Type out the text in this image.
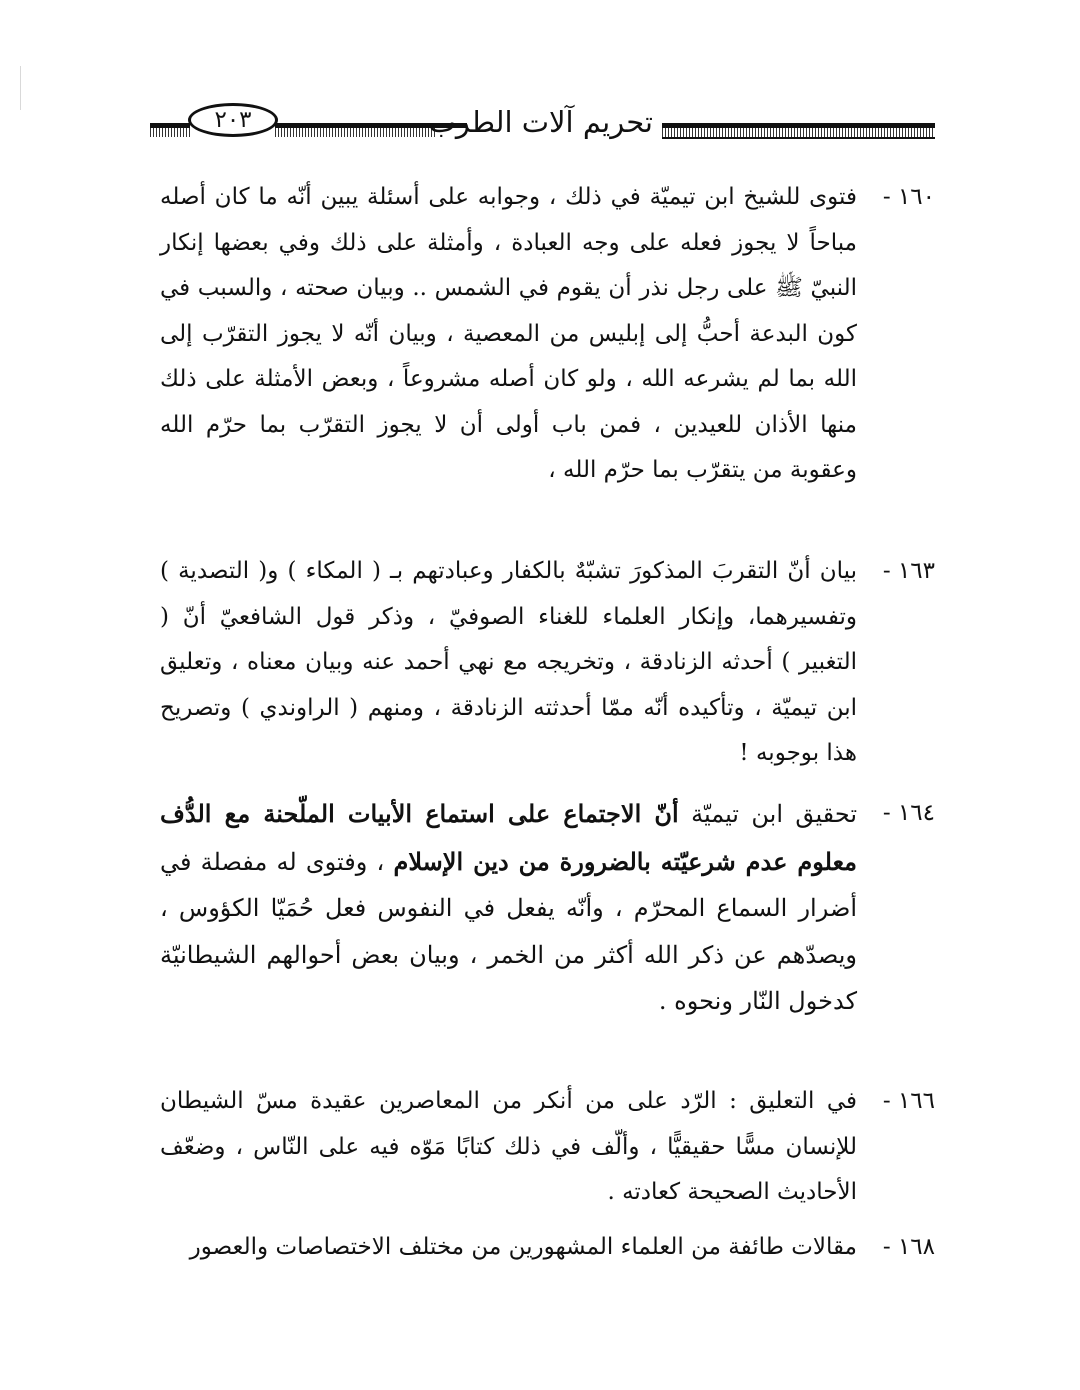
تحريم آلات الطرب
٢٠٣
١٦٠ -
فتوى للشيخ ابن تيميّة في ذلك ، وجوابه على أسئلة يبين أنّه ما كان أصله مباحاً لا يجوز فعله على وجه العبادة ، وأمثلة على ذلك وفي بعضها إنكار النبيّ ﷺ على رجل نذر أن يقوم في الشمس .. وبيان صحته ، والسبب في كون البدعة أحبُّ إلى إبليس من المعصية ، وبيان أنّه لا يجوز التقرّب إلى الله بما لم يشرعه الله ، ولو كان أصله مشروعاً ، وبعض الأمثلة على ذلك منها الأذان للعيدين ، فمن باب أولى أن لا يجوز التقرّب بما حرّم الله وعقوبة من يتقرّب بما حرّم الله ،
١٦٣ -
بيان أنّ التقربَ المذكورَ تشبّهٌ بالكفار وعبادتهم بـ ( المكاء ) و( التصدية ) وتفسيرهما، وإنكار العلماء للغناء الصوفيّ ، وذكر قول الشافعيّ أنّ ( التغبير ) أحدثه الزنادقة ، وتخريجه مع نهي أحمد عنه وبيان معناه ، وتعليق ابن تيميّة ، وتأكيده أنّه ممّا أحدثته الزنادقة ، ومنهم ( الراوندي ) وتصريح هذا بوجوبه !
١٦٤ -
تحقيق ابن تيميّة أنّ الاجتماع على استماع الأبيات الملّحنة مع الدُّف معلوم عدم شرعيّته بالضرورة من دين الإسلام ، وفتوى له مفصلة في أضرار السماع المحرّم ، وأنّه يفعل في النفوس فعل حُمَيّا الكؤوس ، ويصدّهم عن ذكر الله أكثر من الخمر ، وبيان بعض أحوالهم الشيطانيّة كدخول النّار ونحوه .
١٦٦ -
في التعليق : الرّد على من أنكر من المعاصرين عقيدة مسّ الشيطان للإنسان مسًّا حقيقيًّا ، وألّف في ذلك كتابًا مَوّه فيه على النّاس ، وضعّف الأحاديث الصحيحة كعادته .
١٦٨ -
مقالات طائفة من العلماء المشهورين من مختلف الاختصاصات والعصور
